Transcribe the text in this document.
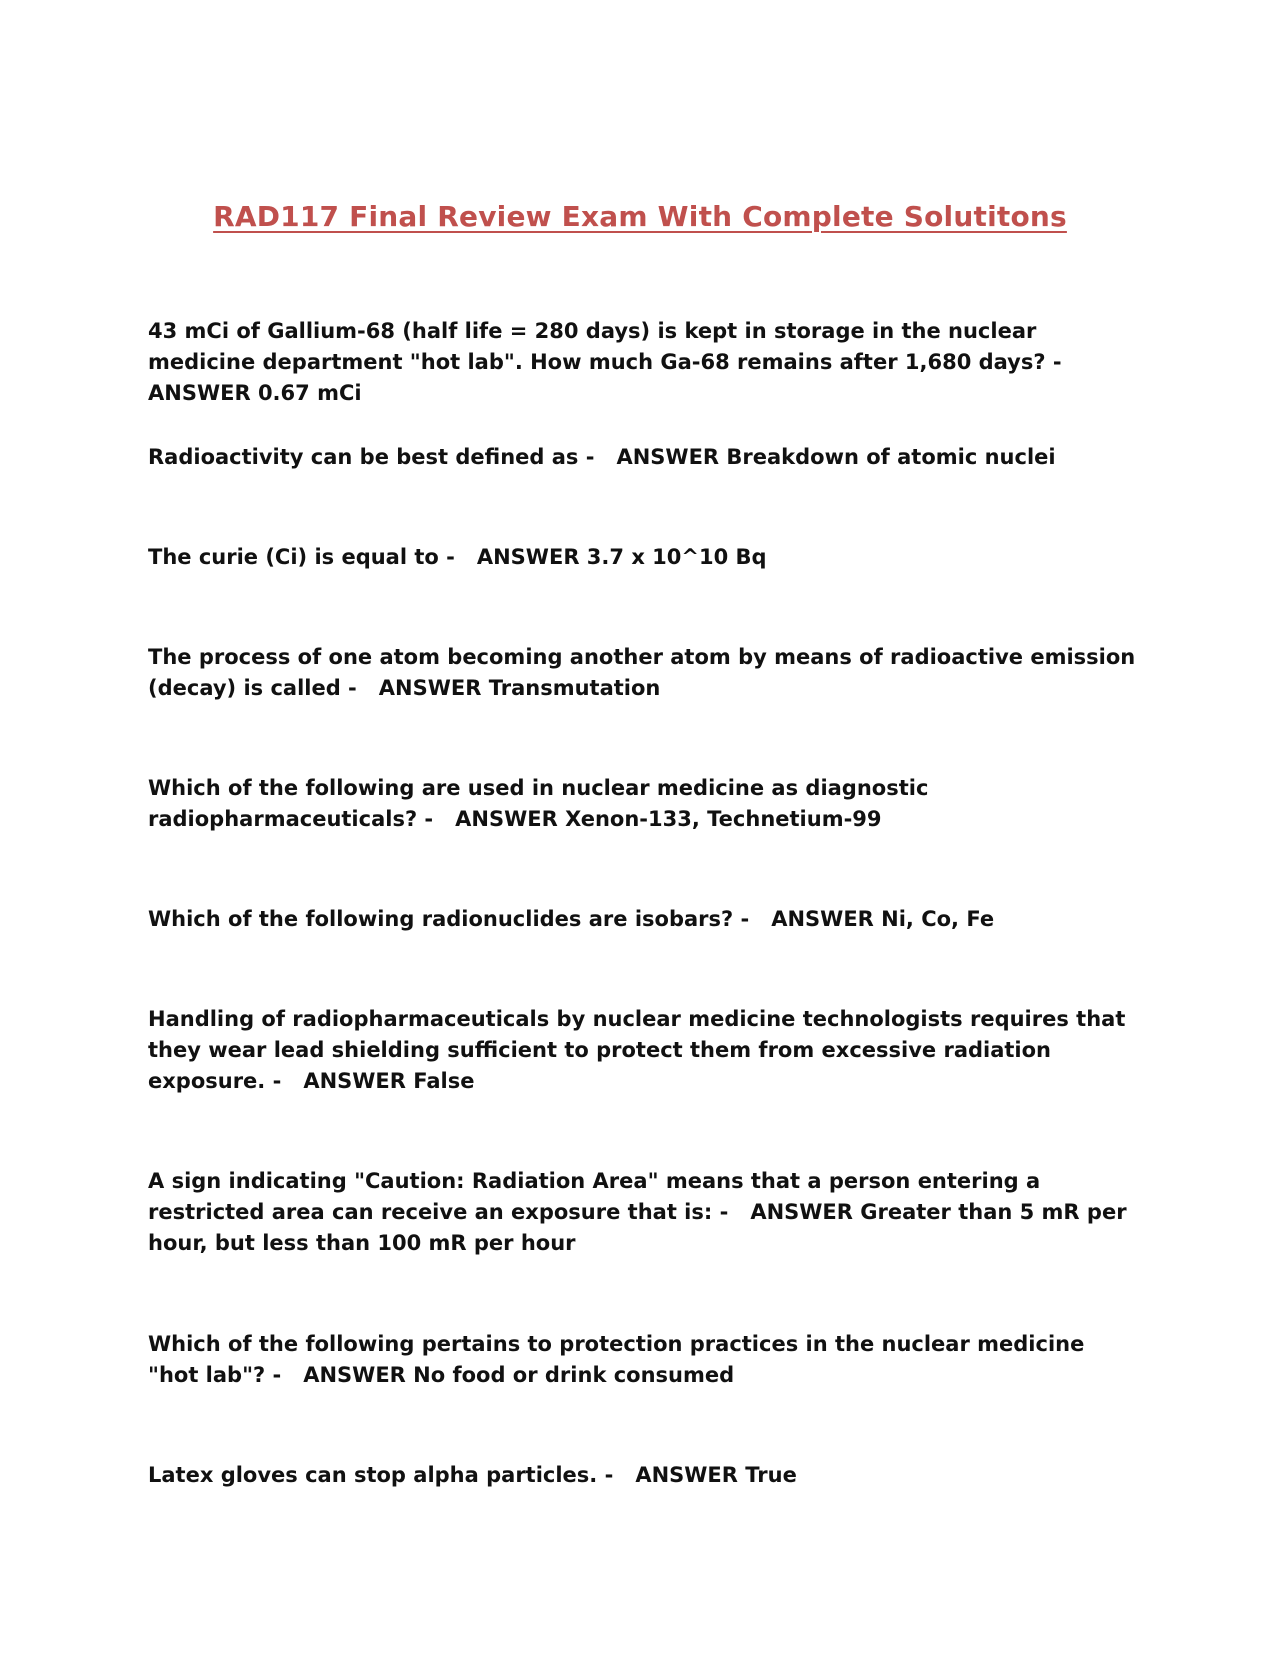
RAD117 Final Review Exam With Complete Solutitons

43 mCi of Gallium-68 (half life = 280 days) is kept in storage in the nuclear medicine department "hot lab". How much Ga-68 remains after 1,680 days? -ANSWER 0.67 mCi

Radioactivity can be best defined as - ANSWER Breakdown of atomic nuclei

The curie (Ci) is equal to - ANSWER 3.7 x 10^10 Bq

The process of one atom becoming another atom by means of radioactive emission (decay) is called - ANSWER Transmutation

Which of the following are used in nuclear medicine as diagnostic radiopharmaceuticals? - ANSWER Xenon-133, Technetium-99

Which of the following radionuclides are isobars? - ANSWER Ni, Co, Fe

Handling of radiopharmaceuticals by nuclear medicine technologists requires that they wear lead shielding sufficient to protect them from excessive radiation exposure. - ANSWER False

A sign indicating "Caution: Radiation Area" means that a person entering a restricted area can receive an exposure that is: - ANSWER Greater than 5 mR per hour, but less than 100 mR per hour

Which of the following pertains to protection practices in the nuclear medicine "hot lab"? - ANSWER No food or drink consumed

Latex gloves can stop alpha particles. - ANSWER True
